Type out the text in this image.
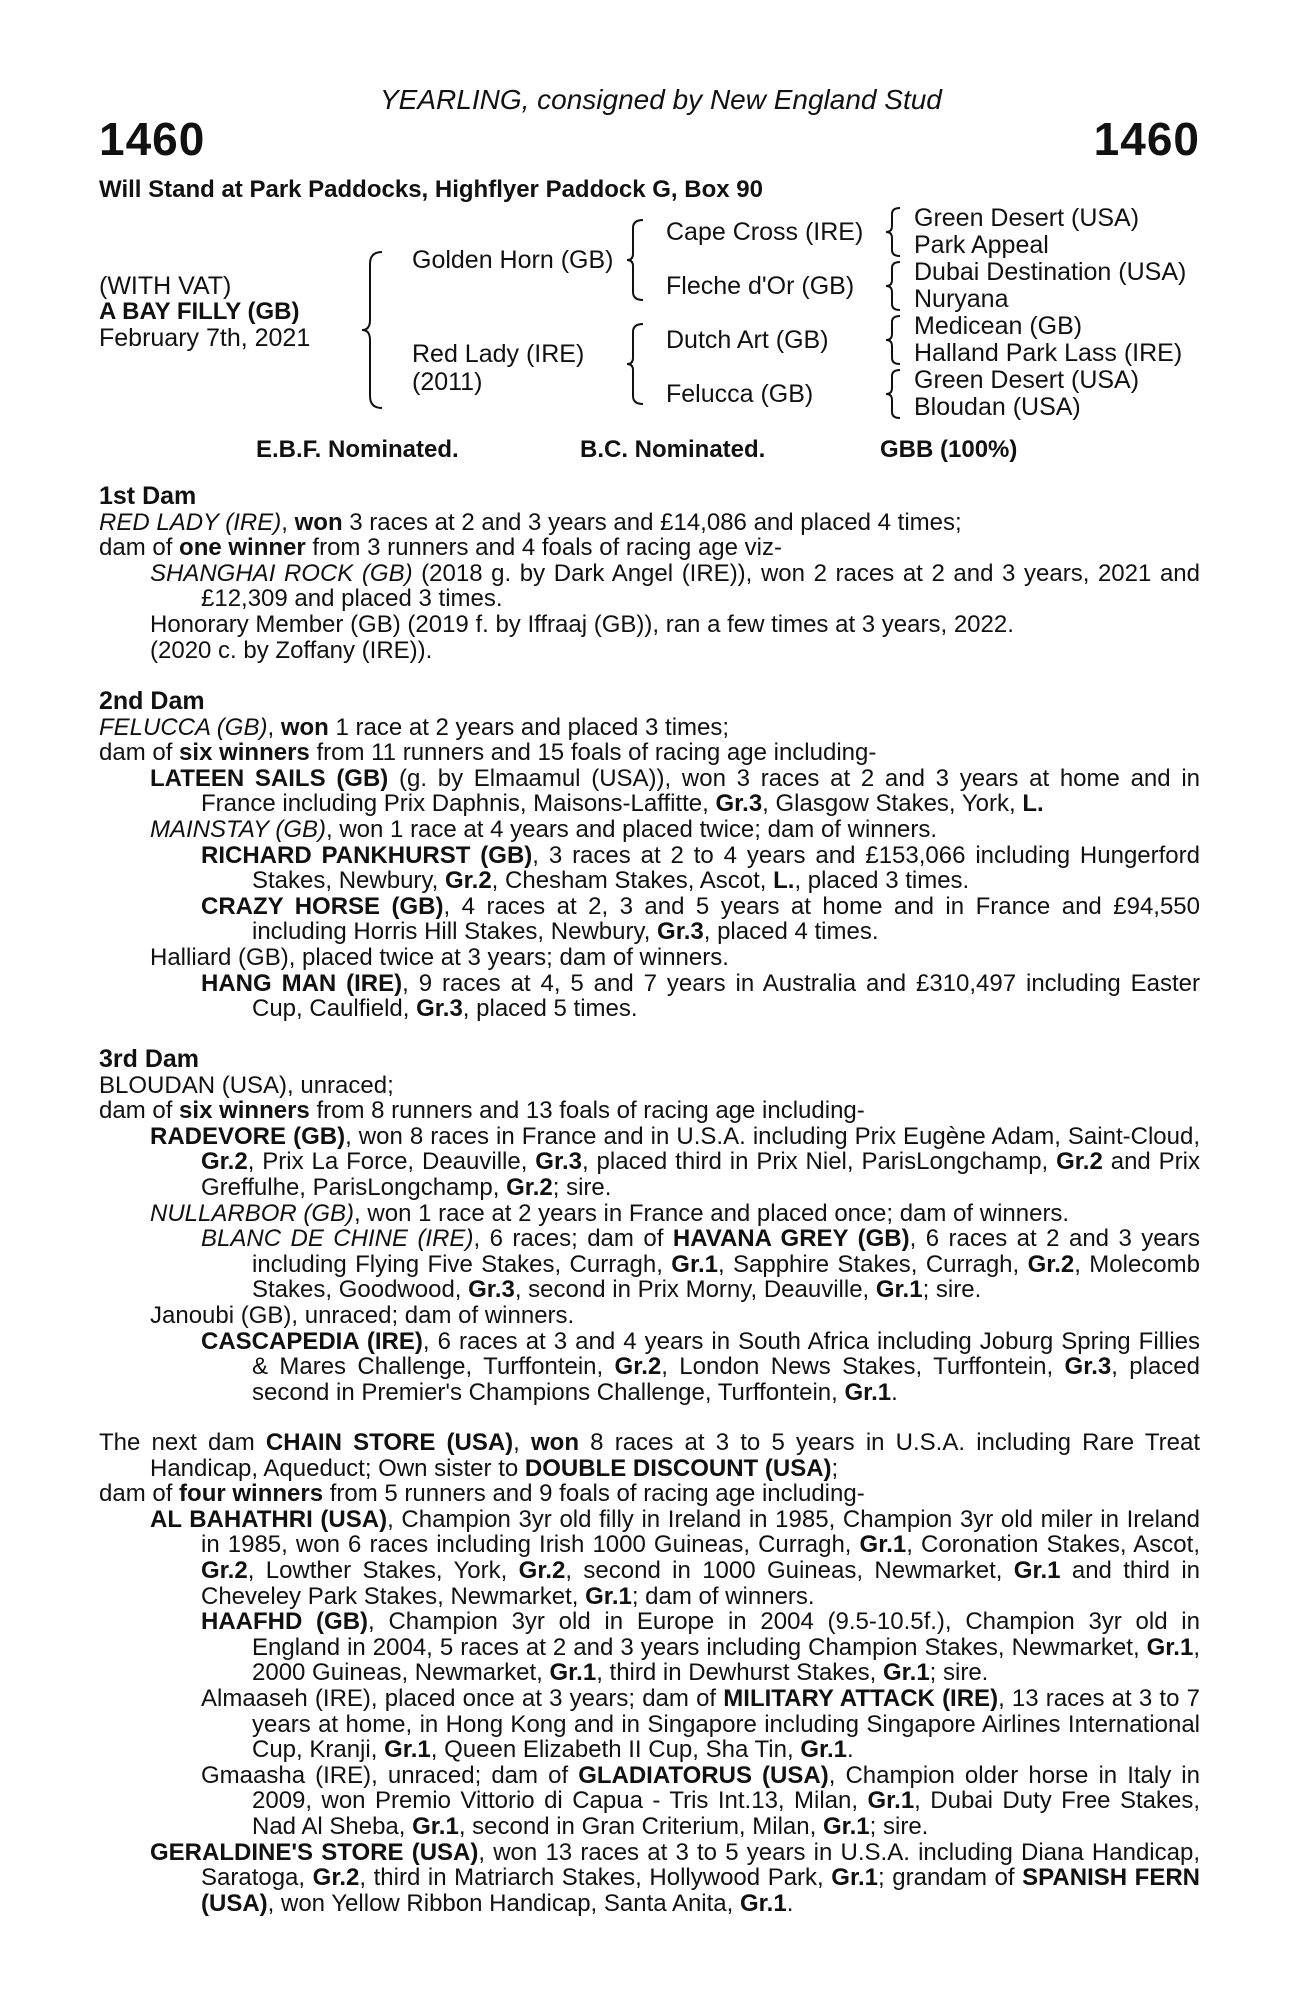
YEARLING, consigned by New England Stud
1460	1460
Will Stand at Park Paddocks, Highflyer Paddock G, Box 90
(WITH VAT)
A BAY FILLY (GB)
February 7th, 2021
Golden Horn (GB)
Red Lady (IRE)
(2011)
Cape Cross (IRE)
Fleche d'Or (GB)
Dutch Art (GB)
Felucca (GB)
Green Desert (USA)
Park Appeal
Dubai Destination (USA)
Nuryana
Medicean (GB)
Halland Park Lass (IRE)
Green Desert (USA)
Bloudan (USA)
E.B.F. Nominated.	B.C. Nominated.	GBB (100%)
1st Dam
RED LADY (IRE), won 3 races at 2 and 3 years and £14,086 and placed 4 times;
dam of one winner from 3 runners and 4 foals of racing age viz-
SHANGHAI ROCK (GB) (2018 g. by Dark Angel (IRE)), won 2 races at 2 and 3 years, 2021 and £12,309 and placed 3 times.
Honorary Member (GB) (2019 f. by Iffraaj (GB)), ran a few times at 3 years, 2022.
(2020 c. by Zoffany (IRE)).
2nd Dam
FELUCCA (GB), won 1 race at 2 years and placed 3 times;
dam of six winners from 11 runners and 15 foals of racing age including-
LATEEN SAILS (GB) (g. by Elmaamul (USA)), won 3 races at 2 and 3 years at home and in France including Prix Daphnis, Maisons-Laffitte, Gr.3, Glasgow Stakes, York, L.
MAINSTAY (GB), won 1 race at 4 years and placed twice; dam of winners.
RICHARD PANKHURST (GB), 3 races at 2 to 4 years and £153,066 including Hungerford Stakes, Newbury, Gr.2, Chesham Stakes, Ascot, L., placed 3 times.
CRAZY HORSE (GB), 4 races at 2, 3 and 5 years at home and in France and £94,550 including Horris Hill Stakes, Newbury, Gr.3, placed 4 times.
Halliard (GB), placed twice at 3 years; dam of winners.
HANG MAN (IRE), 9 races at 4, 5 and 7 years in Australia and £310,497 including Easter Cup, Caulfield, Gr.3, placed 5 times.
3rd Dam
BLOUDAN (USA), unraced;
dam of six winners from 8 runners and 13 foals of racing age including-
RADEVORE (GB), won 8 races in France and in U.S.A. including Prix Eugène Adam, Saint-Cloud, Gr.2, Prix La Force, Deauville, Gr.3, placed third in Prix Niel, ParisLongchamp, Gr.2 and Prix Greffulhe, ParisLongchamp, Gr.2; sire.
NULLARBOR (GB), won 1 race at 2 years in France and placed once; dam of winners.
BLANC DE CHINE (IRE), 6 races; dam of HAVANA GREY (GB), 6 races at 2 and 3 years including Flying Five Stakes, Curragh, Gr.1, Sapphire Stakes, Curragh, Gr.2, Molecomb Stakes, Goodwood, Gr.3, second in Prix Morny, Deauville, Gr.1; sire.
Janoubi (GB), unraced; dam of winners.
CASCAPEDIA (IRE), 6 races at 3 and 4 years in South Africa including Joburg Spring Fillies & Mares Challenge, Turffontein, Gr.2, London News Stakes, Turffontein, Gr.3, placed second in Premier's Champions Challenge, Turffontein, Gr.1.
The next dam CHAIN STORE (USA), won 8 races at 3 to 5 years in U.S.A. including Rare Treat Handicap, Aqueduct; Own sister to DOUBLE DISCOUNT (USA);
dam of four winners from 5 runners and 9 foals of racing age including-
AL BAHATHRI (USA), Champion 3yr old filly in Ireland in 1985, Champion 3yr old miler in Ireland in 1985, won 6 races including Irish 1000 Guineas, Curragh, Gr.1, Coronation Stakes, Ascot, Gr.2, Lowther Stakes, York, Gr.2, second in 1000 Guineas, Newmarket, Gr.1 and third in Cheveley Park Stakes, Newmarket, Gr.1; dam of winners.
HAAFHD (GB), Champion 3yr old in Europe in 2004 (9.5-10.5f.), Champion 3yr old in England in 2004, 5 races at 2 and 3 years including Champion Stakes, Newmarket, Gr.1, 2000 Guineas, Newmarket, Gr.1, third in Dewhurst Stakes, Gr.1; sire.
Almaaseh (IRE), placed once at 3 years; dam of MILITARY ATTACK (IRE), 13 races at 3 to 7 years at home, in Hong Kong and in Singapore including Singapore Airlines International Cup, Kranji, Gr.1, Queen Elizabeth II Cup, Sha Tin, Gr.1.
Gmaasha (IRE), unraced; dam of GLADIATORUS (USA), Champion older horse in Italy in 2009, won Premio Vittorio di Capua - Tris Int.13, Milan, Gr.1, Dubai Duty Free Stakes, Nad Al Sheba, Gr.1, second in Gran Criterium, Milan, Gr.1; sire.
GERALDINE'S STORE (USA), won 13 races at 3 to 5 years in U.S.A. including Diana Handicap, Saratoga, Gr.2, third in Matriarch Stakes, Hollywood Park, Gr.1; grandam of SPANISH FERN (USA), won Yellow Ribbon Handicap, Santa Anita, Gr.1.
